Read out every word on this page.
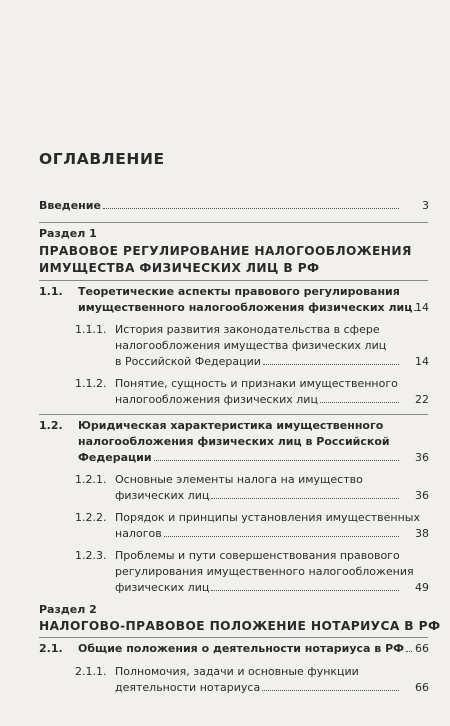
ОГЛАВЛЕНИЕ
Введение	3
Раздел 1
ПРАВОВОЕ РЕГУЛИРОВАНИЕ НАЛОГООБЛОЖЕНИЯ
ИМУЩЕСТВА ФИЗИЧЕСКИХ ЛИЦ В РФ
1.1. Теоретические аспекты правового регулирования
имущественного налогообложения физических лиц 14
1.1.1. История развития законодательства в сфере
налогообложения имущества физических лиц
в Российской Федерации	14
1.1.2. Понятие, сущность и признаки имущественного
налогообложения физических лиц	22
1.2. Юридическая характеристика имущественного
налогообложения физических лиц в Российской
Федерации	36
1.2.1. Основные элементы налога на имущество
физических лиц	36
1.2.2. Порядок и принципы установления имущественных
налогов	38
1.2.3. Проблемы и пути совершенствования правового
регулирования имущественного налогообложения
физических лиц	49
Раздел 2
НАЛОГОВО-ПРАВОВОЕ ПОЛОЖЕНИЕ НОТАРИУСА В РФ
2.1. Общие положения о деятельности нотариуса в РФ 66
2.1.1. Полномочия, задачи и основные функции
деятельности нотариуса	66
